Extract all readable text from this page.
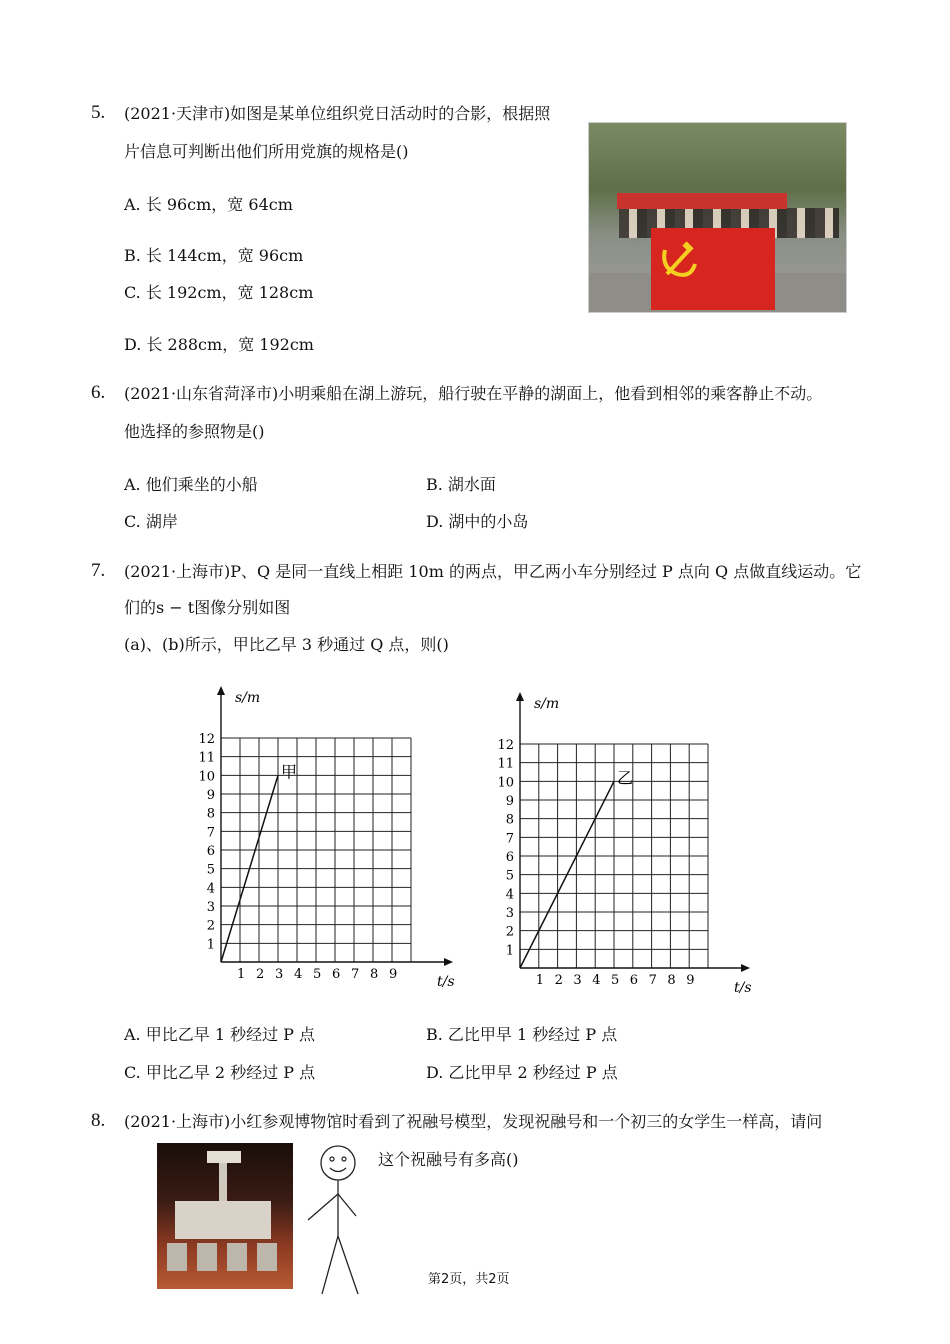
5. (2021·天津市)如图是某单位组织党日活动时的合影，根据照
片信息可判断出他们所用党旗的规格是()
A. 长 96cm，宽 64cm
B. 长 144cm，宽 96cm
C. 长 192cm，宽 128cm
D. 长 288cm，宽 192cm
6. (2021·山东省菏泽市)小明乘船在湖上游玩，船行驶在平静的湖面上，他看到相邻的乘客静止不动。
他选择的参照物是()
A. 他们乘坐的小船	B. 湖水面
C. 湖岸	D. 湖中的小岛
7. (2021·上海市)P、Q 是同一直线上相距 10m 的两点，甲乙两小车分别经过 P 点向 Q 点做直线运动。它
们的s − t图像分别如图
(a)、(b)所示，甲比乙早 3 秒通过 Q 点，则()
1 2 3 4 5 6 7 8 9
1
2
3
4
5
6
7
8
9
10
11
12
t/s
s/m
甲
1 2 3 4 5 6 7 8 9
1
2
3
4
5
6
7
8
9
10
11
12
t/s
s/m
乙
A. 甲比乙早 1 秒经过 P 点	B. 乙比甲早 1 秒经过 P 点
C. 甲比乙早 2 秒经过 P 点	D. 乙比甲早 2 秒经过 P 点
8. (2021·上海市)小红参观博物馆时看到了祝融号模型，发现祝融号和一个初三的女学生一样高，请问
这个祝融号有多高()
第2页，共2页
